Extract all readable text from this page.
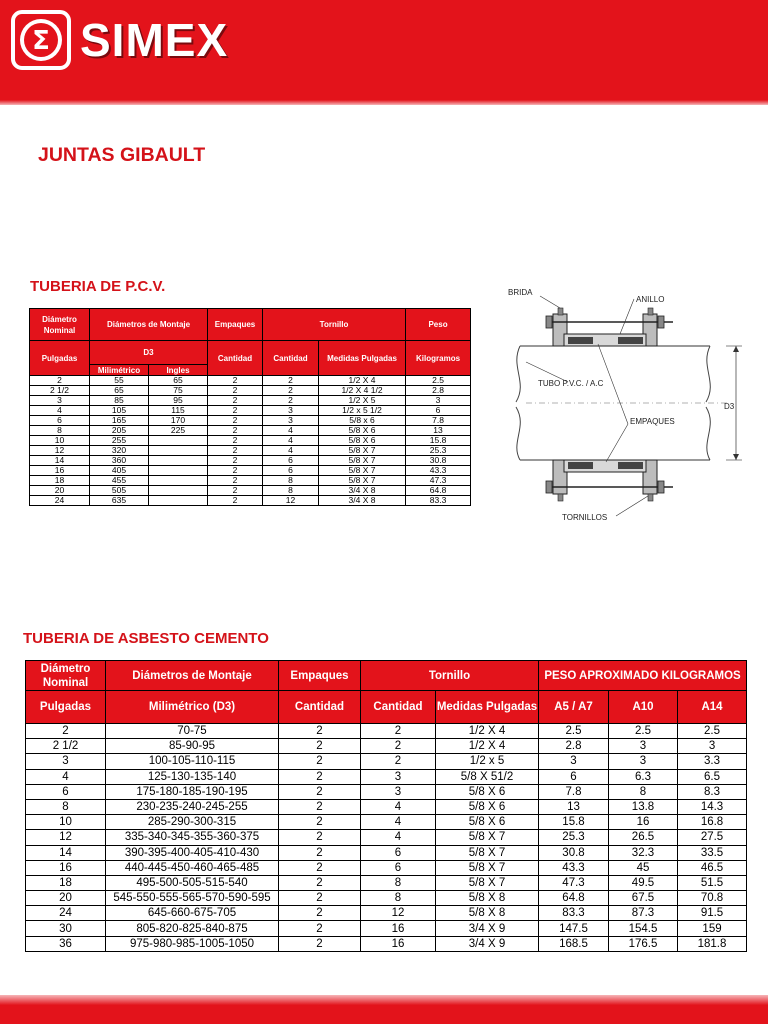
Σ SIMEX
JUNTAS GIBAULT
TUBERIA DE P.C.V.
Diámetro Nominal	Diámetros de Montaje		Empaques	Tornillo		Peso
Pulgadas	D3		Cantidad	Cantidad	Medidas Pulgadas	Kilogramos
	Milimétrico	Ingles				
2	55	65	2	2	1/2 X 4	2.5
2 1/2	65	75	2	2	1/2 X 4 1/2	2.8
3	85	95	2	2	1/2 X 5	3
4	105	115	2	3	1/2 x 5 1/2	6
6	165	170	2	3	5/8 x 6	7.8
8	205	225	2	4	5/8 X 6	13
10	255		2	4	5/8 X 6	15.8
12	320		2	4	5/8 X 7	25.3
14	360		2	6	5/8 X 7	30.8
16	405		2	6	5/8 X 7	43.3
18	455		2	8	5/8 X 7	47.3
20	505		2	8	3/4 X 8	64.8
24	635		2	12	3/4 X 8	83.3
D3
BRIDA
ANILLO
TUBO P.V.C. / A.C
EMPAQUES
TORNILLOS
TUBERIA DE ASBESTO CEMENTO
Diámetro Nominal	Diámetros de Montaje	Empaques	Tornillo		PESO APROXIMADO KILOGRAMOS		
Pulgadas	Milimétrico (D3)	Cantidad	Cantidad	Medidas Pulgadas	A5 / A7	A10	A14
2	70-75	2	2	1/2 X 4	2.5	2.5	2.5
2 1/2	85-90-95	2	2	1/2 X 4	2.8	3	3
3	100-105-110-115	2	2	1/2 x 5	3	3	3.3
4	125-130-135-140	2	3	5/8 X 51/2	6	6.3	6.5
6	175-180-185-190-195	2	3	5/8 X 6	7.8	8	8.3
8	230-235-240-245-255	2	4	5/8 X 6	13	13.8	14.3
10	285-290-300-315	2	4	5/8 X 6	15.8	16	16.8
12	335-340-345-355-360-375	2	4	5/8 X 7	25.3	26.5	27.5
14	390-395-400-405-410-430	2	6	5/8 X 7	30.8	32.3	33.5
16	440-445-450-460-465-485	2	6	5/8 X 7	43.3	45	46.5
18	495-500-505-515-540	2	8	5/8 X 7	47.3	49.5	51.5
20	545-550-555-565-570-590-595	2	8	5/8 X 8	64.8	67.5	70.8
24	645-660-675-705	2	12	5/8 X 8	83.3	87.3	91.5
30	805-820-825-840-875	2	16	3/4 X 9	147.5	154.5	159
36	975-980-985-1005-1050	2	16	3/4 X 9	168.5	176.5	181.8
